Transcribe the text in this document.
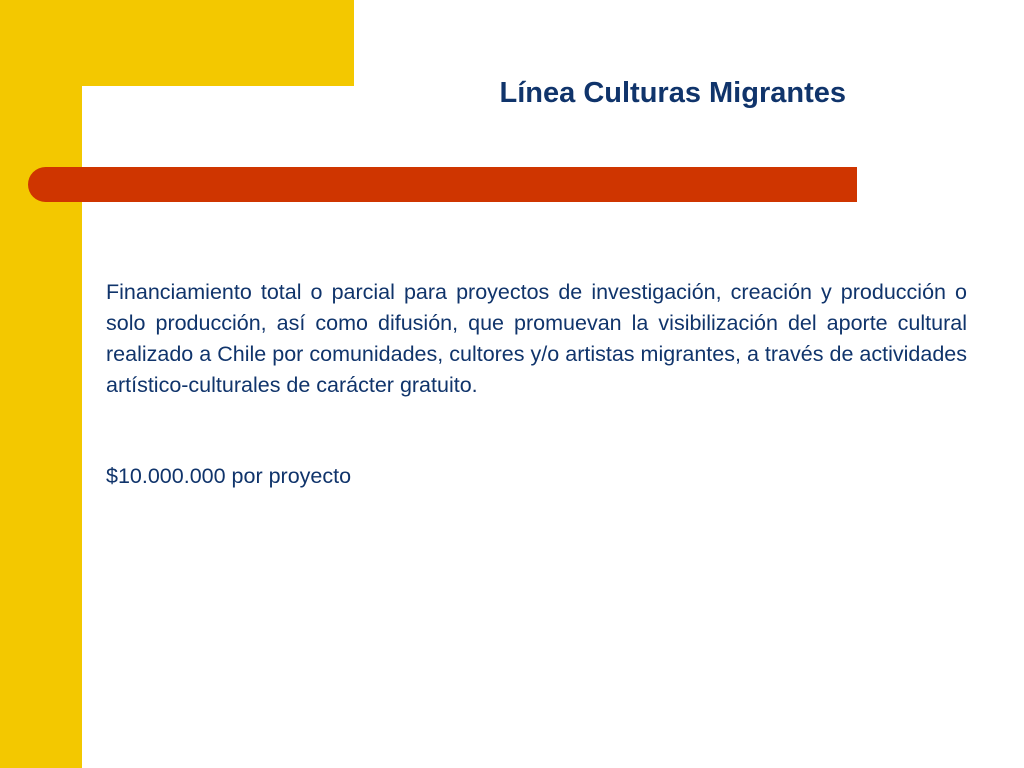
Línea Culturas Migrantes

Financiamiento total o parcial para proyectos de investigación, creación y producción o solo producción, así como difusión, que promuevan la visibilización del aporte cultural realizado a Chile por comunidades, cultores y/o artistas migrantes, a través de actividades artístico-culturales de carácter gratuito.

$10.000.000 por proyecto
